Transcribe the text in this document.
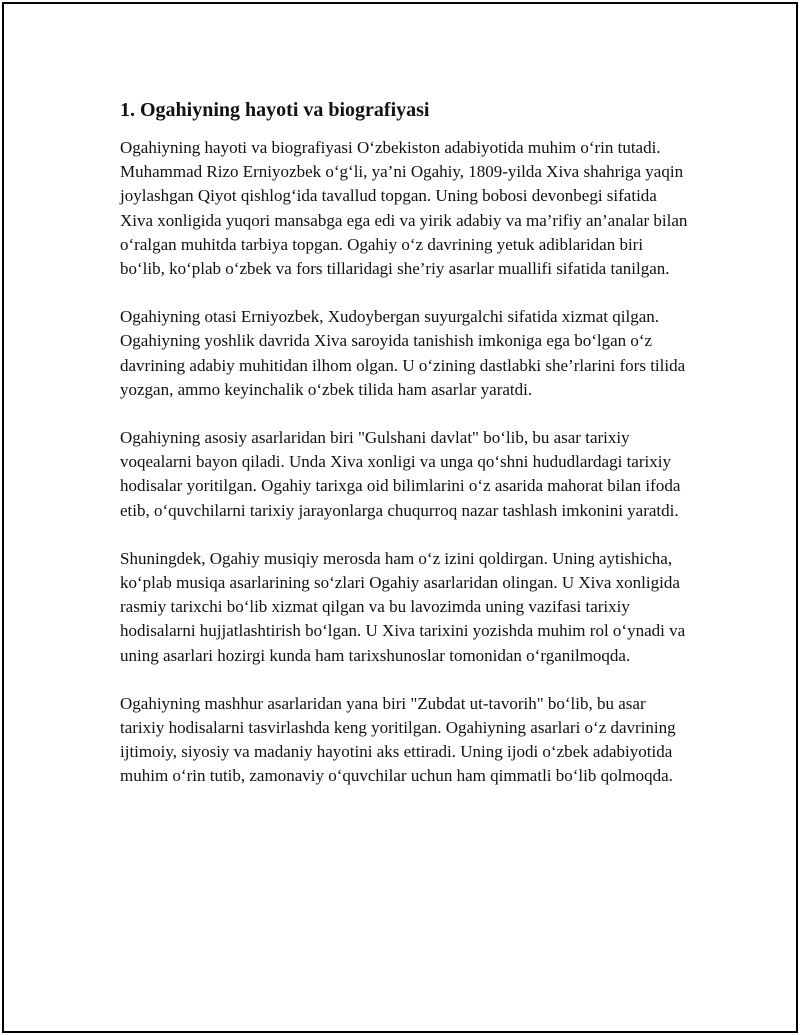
1. Ogahiyning hayoti va biografiyasi

Ogahiyning hayoti va biografiyasi O‘zbekiston adabiyotida muhim o‘rin tutadi. Muhammad Rizo Erniyozbek o‘g‘li, ya’ni Ogahiy, 1809-yilda Xiva shahriga yaqin joylashgan Qiyot qishlog‘ida tavallud topgan. Uning bobosi devonbegi sifatida Xiva xonligida yuqori mansabga ega edi va yirik adabiy va ma’rifiy an’analar bilan o‘ralgan muhitda tarbiya topgan. Ogahiy o‘z davrining yetuk adiblaridan biri bo‘lib, ko‘plab o‘zbek va fors tillaridagi she’riy asarlar muallifi sifatida tanilgan.

Ogahiyning otasi Erniyozbek, Xudoybergan suyurgalchi sifatida xizmat qilgan. Ogahiyning yoshlik davrida Xiva saroyida tanishish imkoniga ega bo‘lgan o‘z davrining adabiy muhitidan ilhom olgan. U o‘zining dastlabki she’rlarini fors tilida yozgan, ammo keyinchalik o‘zbek tilida ham asarlar yaratdi.

Ogahiyning asosiy asarlaridan biri "Gulshani davlat" bo‘lib, bu asar tarixiy voqealarni bayon qiladi. Unda Xiva xonligi va unga qo‘shni hududlardagi tarixiy hodisalar yoritilgan. Ogahiy tarixga oid bilimlarini o‘z asarida mahorat bilan ifoda etib, o‘quvchilarni tarixiy jarayonlarga chuqurroq nazar tashlash imkonini yaratdi.

Shuningdek, Ogahiy musiqiy merosda ham o‘z izini qoldirgan. Uning aytishicha, ko‘plab musiqa asarlarining so‘zlari Ogahiy asarlaridan olingan. U Xiva xonligida rasmiy tarixchi bo‘lib xizmat qilgan va bu lavozimda uning vazifasi tarixiy hodisalarni hujjatlashtirish bo‘lgan. U Xiva tarixini yozishda muhim rol o‘ynadi va uning asarlari hozirgi kunda ham tarixshunoslar tomonidan o‘rganilmoqda.

Ogahiyning mashhur asarlaridan yana biri "Zubdat ut-tavorih" bo‘lib, bu asar tarixiy hodisalarni tasvirlashda keng yoritilgan. Ogahiyning asarlari o‘z davrining ijtimoiy, siyosiy va madaniy hayotini aks ettiradi. Uning ijodi o‘zbek adabiyotida muhim o‘rin tutib, zamonaviy o‘quvchilar uchun ham qimmatli bo‘lib qolmoqda.
